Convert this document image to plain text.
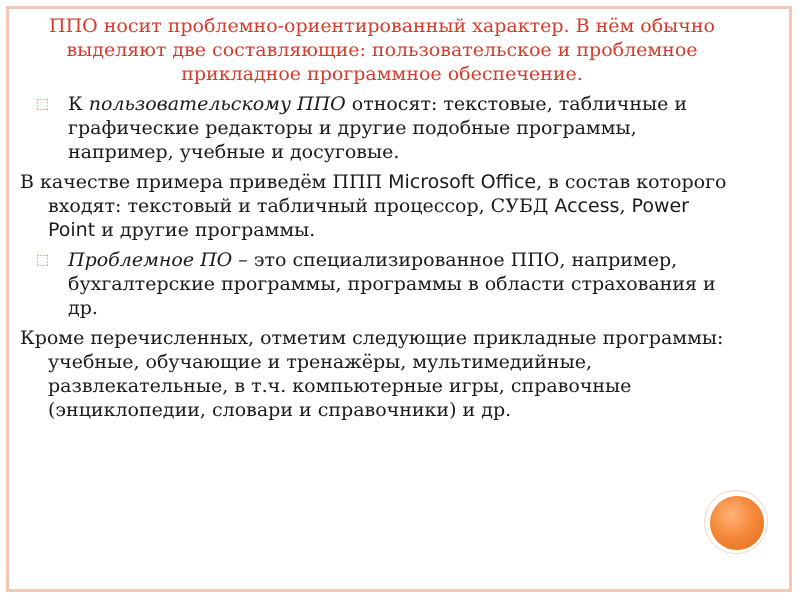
ППО носит проблемно-ориентированный характер. В нём обычно выделяют две составляющие: пользовательское и проблемное прикладное программное обеспечение.

⬚ К пользовательскому ППО относят: текстовые, табличные и графические редакторы и другие подобные программы, например, учебные и досуговые.
В качестве примера приведём ППП Microsoft Office, в состав которого входят: текстовый и табличный процессор, СУБД Access, Power Point и другие программы.
⬚ Проблемное ПО – это специализированное ППО, например, бухгалтерские программы, программы в области страхования и др.
Кроме перечисленных, отметим следующие прикладные программы: учебные, обучающие и тренажёры, мультимедийные, развлекательные, в т.ч. компьютерные игры, справочные (энциклопедии, словари и справочники) и др.
